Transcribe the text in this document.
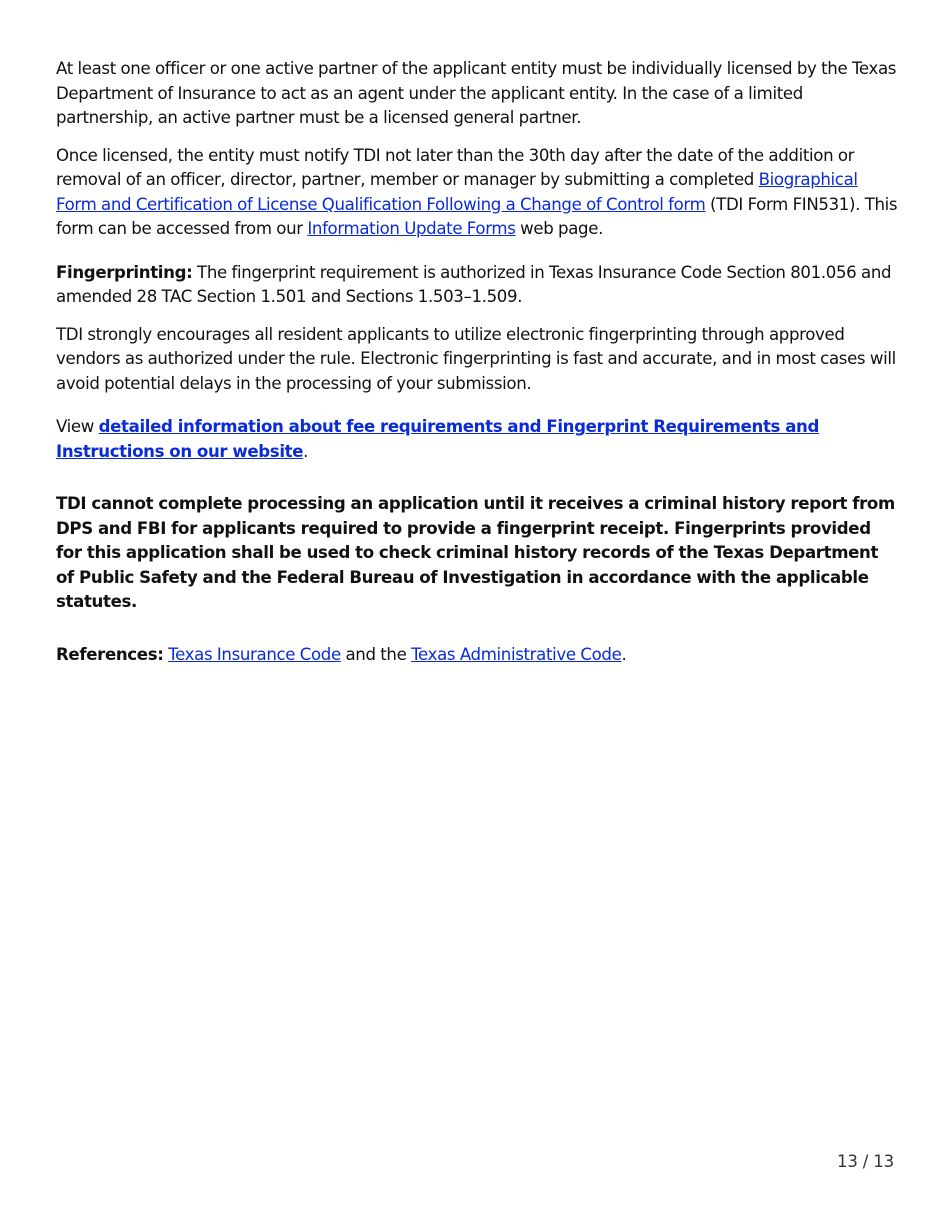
At least one officer or one active partner of the applicant entity must be individually licensed by the Texas Department of Insurance to act as an agent under the applicant entity. In the case of a limited partnership, an active partner must be a licensed general partner.

Once licensed, the entity must notify TDI not later than the 30th day after the date of the addition or removal of an officer, director, partner, member or manager by submitting a completed Biographical Form and Certification of License Qualification Following a Change of Control form (TDI Form FIN531). This form can be accessed from our Information Update Forms web page.

Fingerprinting: The fingerprint requirement is authorized in Texas Insurance Code Section 801.056 and amended 28 TAC Section 1.501 and Sections 1.503–1.509.

TDI strongly encourages all resident applicants to utilize electronic fingerprinting through approved vendors as authorized under the rule. Electronic fingerprinting is fast and accurate, and in most cases will avoid potential delays in the processing of your submission.

View detailed information about fee requirements and Fingerprint Requirements and Instructions on our website.

TDI cannot complete processing an application until it receives a criminal history report from DPS and FBI for applicants required to provide a fingerprint receipt. Fingerprints provided for this application shall be used to check criminal history records of the Texas Department of Public Safety and the Federal Bureau of Investigation in accordance with the applicable statutes.

References: Texas Insurance Code and the Texas Administrative Code.

13 / 13
